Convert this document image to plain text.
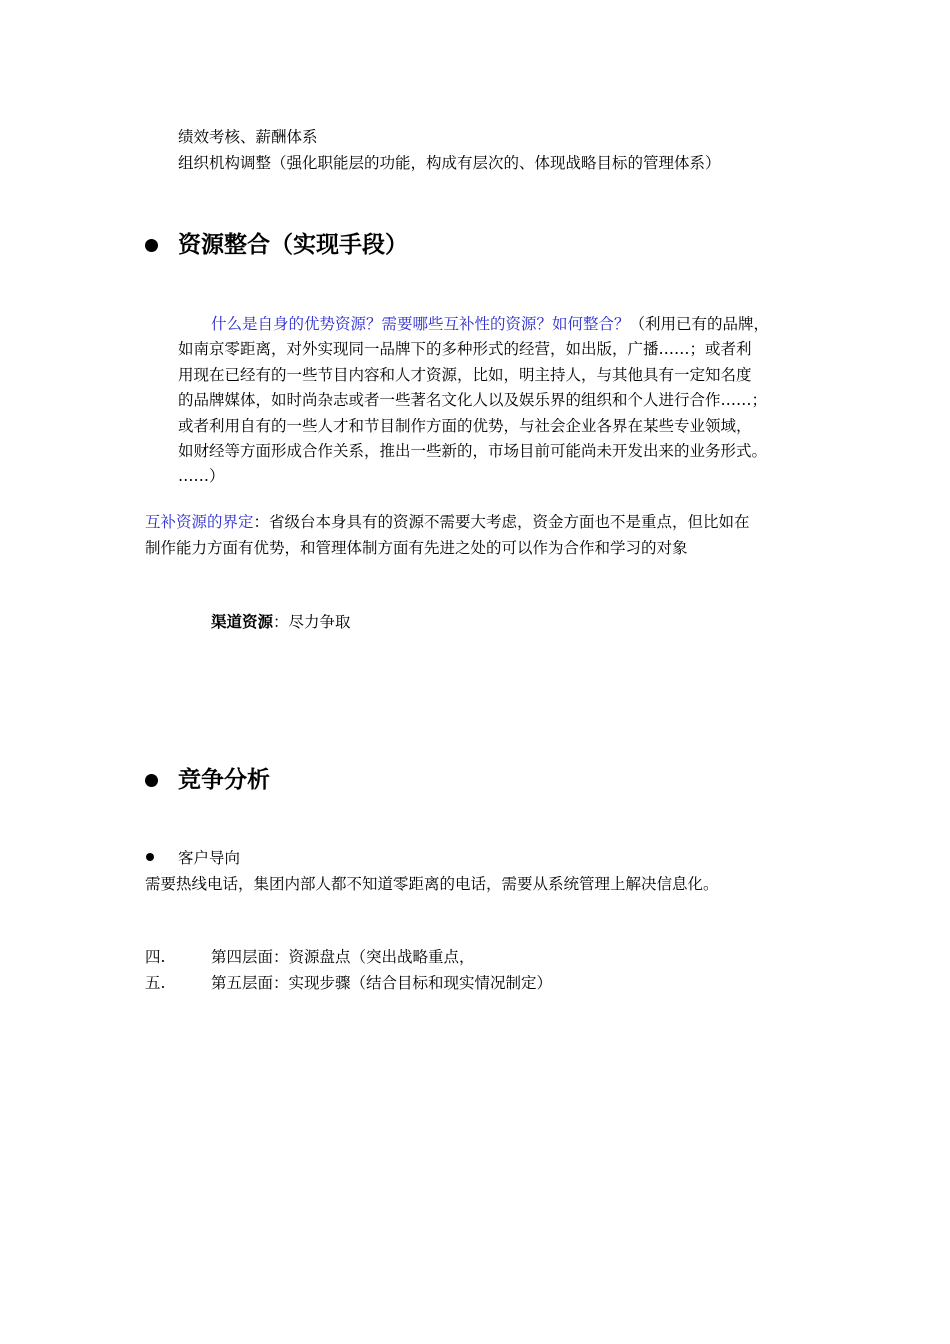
绩效考核、薪酬体系
组织机构调整（强化职能层的功能，构成有层次的、体现战略目标的管理体系）
资源整合（实现手段）
什么是自身的优势资源？需要哪些互补性的资源？如何整合？（利用已有的品牌，
如南京零距离，对外实现同一品牌下的多种形式的经营，如出版，广播……；或者利
用现在已经有的一些节目内容和人才资源，比如，明主持人，与其他具有一定知名度
的品牌媒体，如时尚杂志或者一些著名文化人以及娱乐界的组织和个人进行合作……；
或者利用自有的一些人才和节目制作方面的优势，与社会企业各界在某些专业领域，
如财经等方面形成合作关系，推出一些新的，市场目前可能尚未开发出来的业务形式。
……）
互补资源的界定：省级台本身具有的资源不需要大考虑，资金方面也不是重点，但比如在
制作能力方面有优势，和管理体制方面有先进之处的可以作为合作和学习的对象
渠道资源：尽力争取
竞争分析
客户导向
需要热线电话，集团内部人都不知道零距离的电话，需要从系统管理上解决信息化。
四.	第四层面：资源盘点（突出战略重点，
五.	第五层面：实现步骤（结合目标和现实情况制定）
